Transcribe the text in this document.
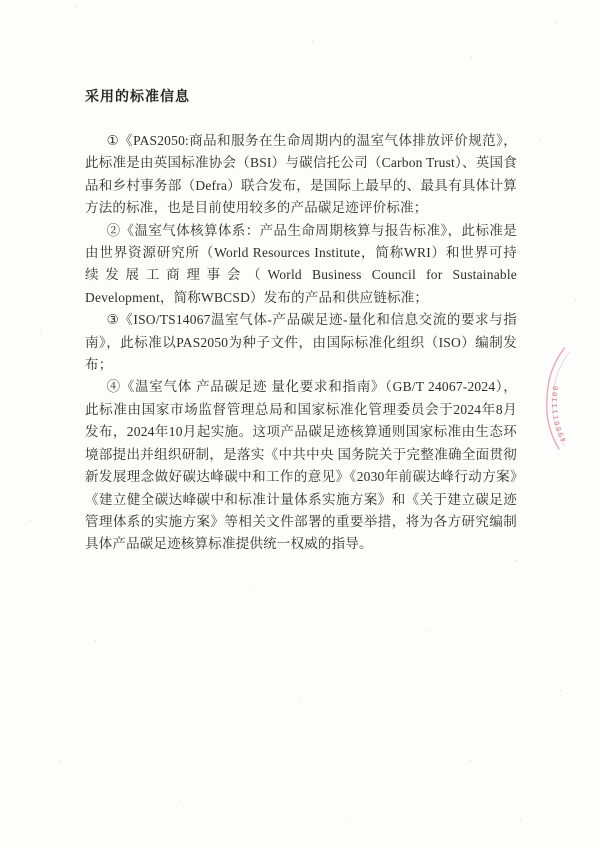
采用的标准信息

①《PAS2050:商品和服务在生命周期内的温室气体排放评价规范》，此标准是由英国标准协会（BSI）与碳信托公司（Carbon Trust）、英国食品和乡村事务部（Defra）联合发布，是国际上最早的、最具有具体计算方法的标准，也是目前使用较多的产品碳足迹评价标准；

②《温室气体核算体系：产品生命周期核算与报告标准》，此标准是由世界资源研究所（World Resources Institute，简称WRI）和世界可持续发展工商理事会（World Business Council for Sustainable Development，简称WBCSD）发布的产品和供应链标准；

③《ISO/TS14067温室气体-产品碳足迹-量化和信息交流的要求与指南》，此标准以PAS2050为种子文件，由国际标准化组织（ISO）编制发布；

④《温室气体 产品碳足迹 量化要求和指南》（GB/T 24067-2024），此标准由国家市场监督管理总局和国家标准化管理委员会于2024年8月发布，2024年10月起实施。这项产品碳足迹核算通则国家标准由生态环境部提出并组织研制，是落实《中共中央 国务院关于完整准确全面贯彻新发展理念做好碳达峰碳中和工作的意见》《2030年前碳达峰行动方案》《建立健全碳达峰碳中和标准计量体系实施方案》和《关于建立碳足迹管理体系的实施方案》等相关文件部署的重要举措，将为各方研究编制具体产品碳足迹核算标准提供统一权威的指导。

4900111100
